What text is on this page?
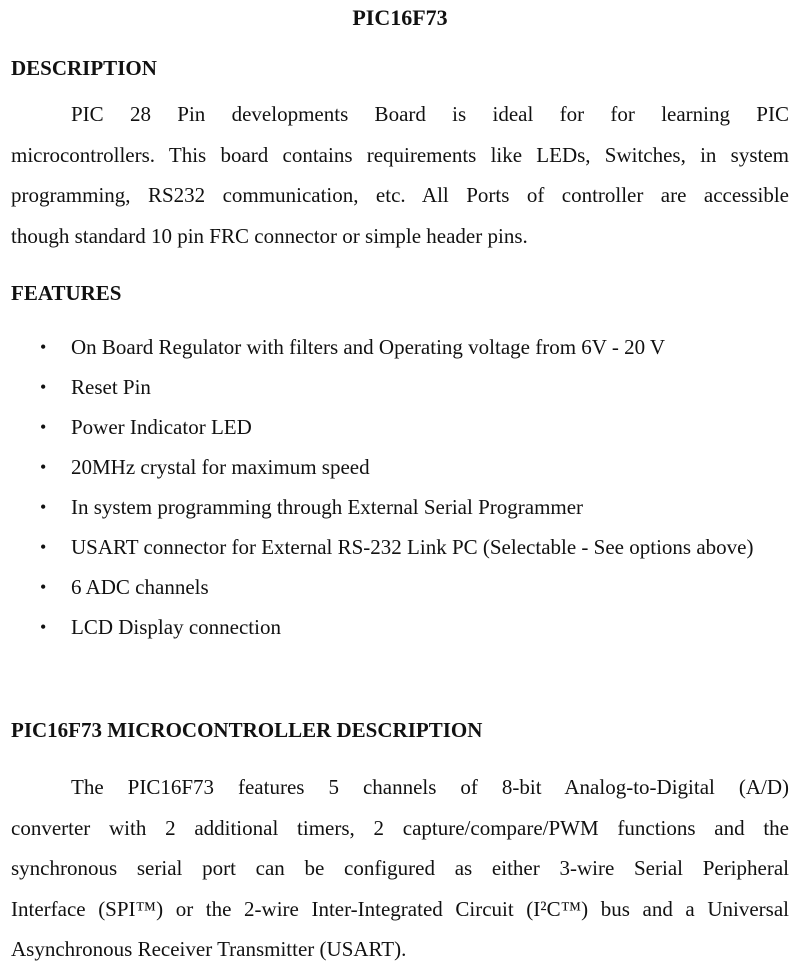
PIC16F73
DESCRIPTION
PIC 28 Pin developments Board is ideal for for learning PIC
microcontrollers. This board contains requirements like LEDs, Switches, in system
programming, RS232 communication, etc. All Ports of controller are accessible
though standard 10 pin FRC connector or simple header pins.
FEATURES
• On Board Regulator with filters and Operating voltage from 6V - 20 V
• Reset Pin
• Power Indicator LED
• 20MHz crystal for maximum speed
• In system programming through External Serial Programmer
• USART connector for External RS-232 Link PC (Selectable - See options above)
• 6 ADC channels
• LCD Display connection
PIC16F73 MICROCONTROLLER DESCRIPTION
The PIC16F73 features 5 channels of 8-bit Analog-to-Digital (A/D)
converter with 2 additional timers, 2 capture/compare/PWM functions and the
synchronous serial port can be configured as either 3-wire Serial Peripheral
Interface (SPI™) or the 2-wire Inter-Integrated Circuit (I²C™) bus and a Universal
Asynchronous Receiver Transmitter (USART).
